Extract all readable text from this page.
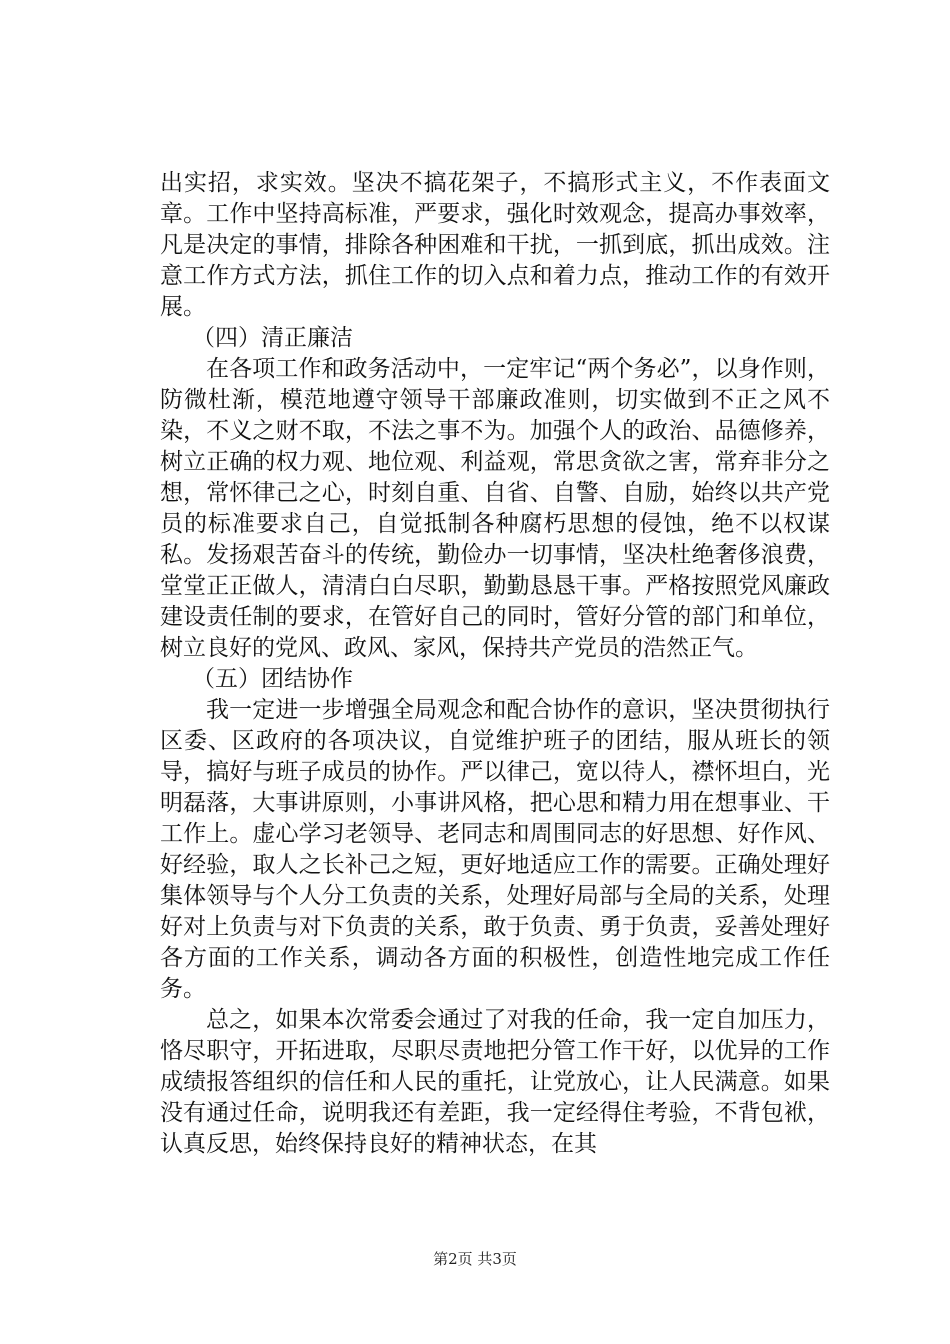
出实招，求实效。坚决不搞花架子，不搞形式主义，不作表面文章。工作中坚持高标准，严要求，强化时效观念，提高办事效率，凡是决定的事情，排除各种困难和干扰，一抓到底，抓出成效。注意工作方式方法，抓住工作的切入点和着力点，推动工作的有效开展。

（四）清正廉洁

在各项工作和政务活动中，一定牢记“两个务必”，以身作则，防微杜渐，模范地遵守领导干部廉政准则，切实做到不正之风不染，不义之财不取，不法之事不为。加强个人的政治、品德修养，树立正确的权力观、地位观、利益观，常思贪欲之害，常弃非分之想，常怀律己之心，时刻自重、自省、自警、自励，始终以共产党员的标准要求自己，自觉抵制各种腐朽思想的侵蚀，绝不以权谋私。发扬艰苦奋斗的传统，勤俭办一切事情，坚决杜绝奢侈浪费，堂堂正正做人，清清白白尽职，勤勤恳恳干事。严格按照党风廉政建设责任制的要求，在管好自己的同时，管好分管的部门和单位，树立良好的党风、政风、家风，保持共产党员的浩然正气。

（五）团结协作

我一定进一步增强全局观念和配合协作的意识，坚决贯彻执行区委、区政府的各项决议，自觉维护班子的团结，服从班长的领导，搞好与班子成员的协作。严以律己，宽以待人，襟怀坦白，光明磊落，大事讲原则，小事讲风格，把心思和精力用在想事业、干工作上。虚心学习老领导、老同志和周围同志的好思想、好作风、好经验，取人之长补己之短，更好地适应工作的需要。正确处理好集体领导与个人分工负责的关系，处理好局部与全局的关系，处理好对上负责与对下负责的关系，敢于负责、勇于负责，妥善处理好各方面的工作关系，调动各方面的积极性，创造性地完成工作任务。

总之，如果本次常委会通过了对我的任命，我一定自加压力，恪尽职守，开拓进取，尽职尽责地把分管工作干好，以优异的工作成绩报答组织的信任和人民的重托，让党放心，让人民满意。如果没有通过任命，说明我还有差距，我一定经得住考验，不背包袱，认真反思，始终保持良好的精神状态，在其

第2页 共3页
